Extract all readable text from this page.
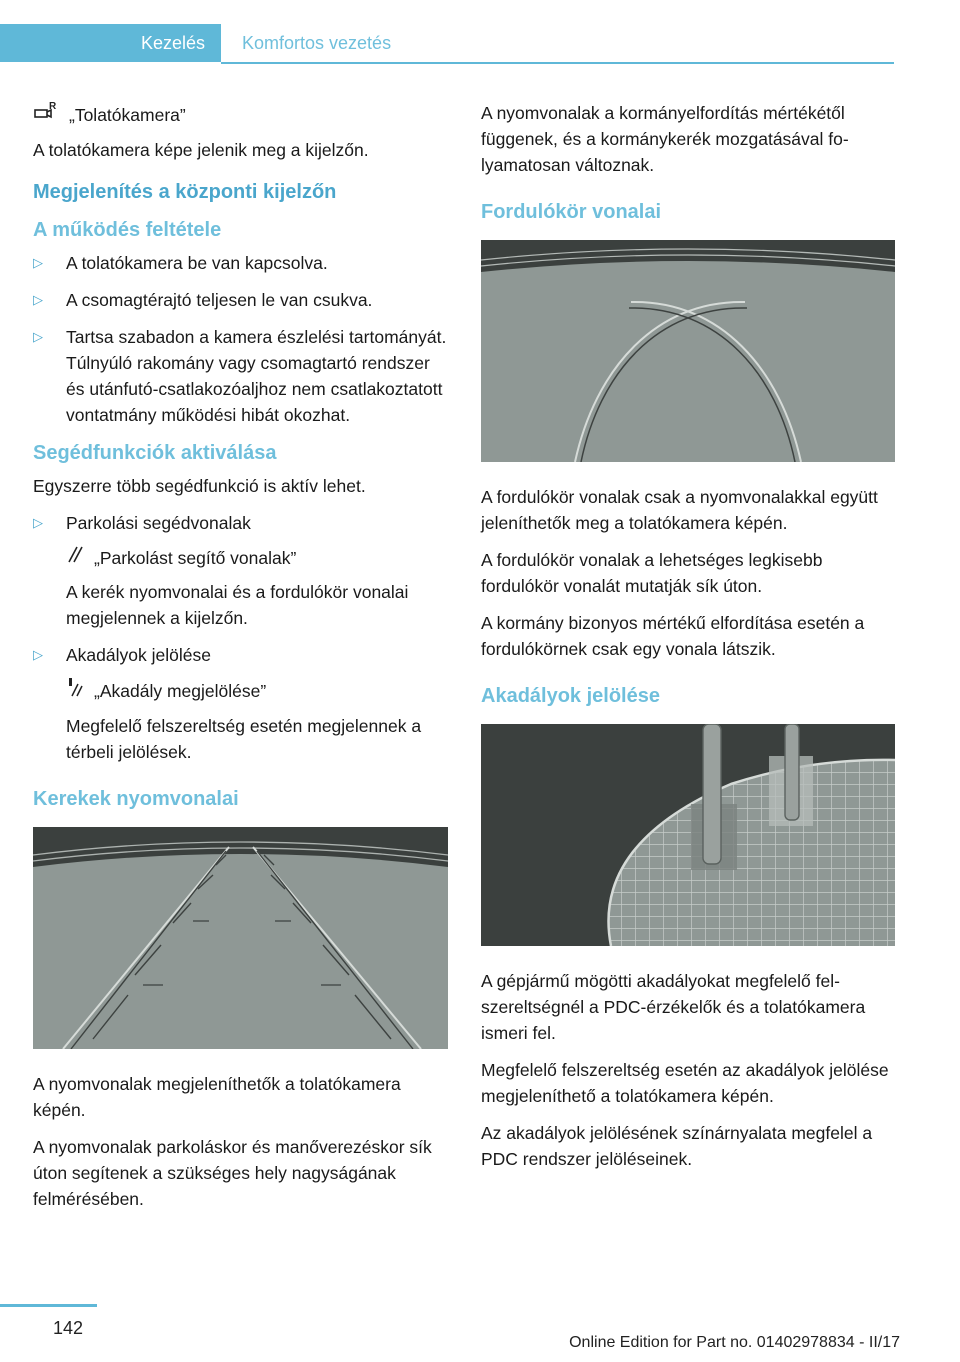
Kezelés Komfortos vezetés
R „Tolatókamera”

A tolatókamera képe jelenik meg a kijelzőn.

Megjelenítés a központi kijelzőn
A működés feltétele
▷ A tolatókamera be van kapcsolva.
▷ A csomagtérajtó teljesen le van csukva.
▷ Tartsa szabadon a kamera észlelési tartományát. Túlnyúló rakomány vagy csomagtartó rendszer és utánfutó-csatlakozóaljhoz nem csatlakoztatott vontatmány működési hibát okozhat.
Segédfunkciók aktiválása

Egyszerre több segédfunkció is aktív lehet.

▷ Parkolási segédvonalak
„Parkolást segítő vonalak”
A kerék nyomvonalai és a fordulókör vonalai megjelennek a kijelzőn.
▷ Akadályok jelölése
„Akadály megjelölése”
Megfelelő felszereltség esetén megjelennek a térbeli jelölések.
Kerekek nyomvonalai

A nyomvonalak megjeleníthetők a tolatókamera képén.

A nyomvonalak parkoláskor és manőverezéskor sík úton segítenek a szükséges hely nagyságának felmérésében.

A nyomvonalak a kormányelfordítás mértékétől függenek, és a kormánykerék mozgatásával folyamatosan változnak.

Fordulókör vonalai

A fordulókör vonalak csak a nyomvonalakkal együtt jeleníthetők meg a tolatókamera képén.

A fordulókör vonalak a lehetséges legkisebb fordulókör vonalát mutatják sík úton.

A kormány bizonyos mértékű elfordítása esetén a fordulókörnek csak egy vonala látszik.

Akadályok jelölése

A gépjármű mögötti akadályokat megfelelő felszereltségnél a PDC-érzékelők és a tolatókamera ismeri fel.

Megfelelő felszereltség esetén az akadályok jelölése megjeleníthető a tolatókamera képén.

Az akadályok jelölésének színárnyalata megfelel a PDC rendszer jelöléseinek.

142
Online Edition for Part no. 01402978834 - II/17
